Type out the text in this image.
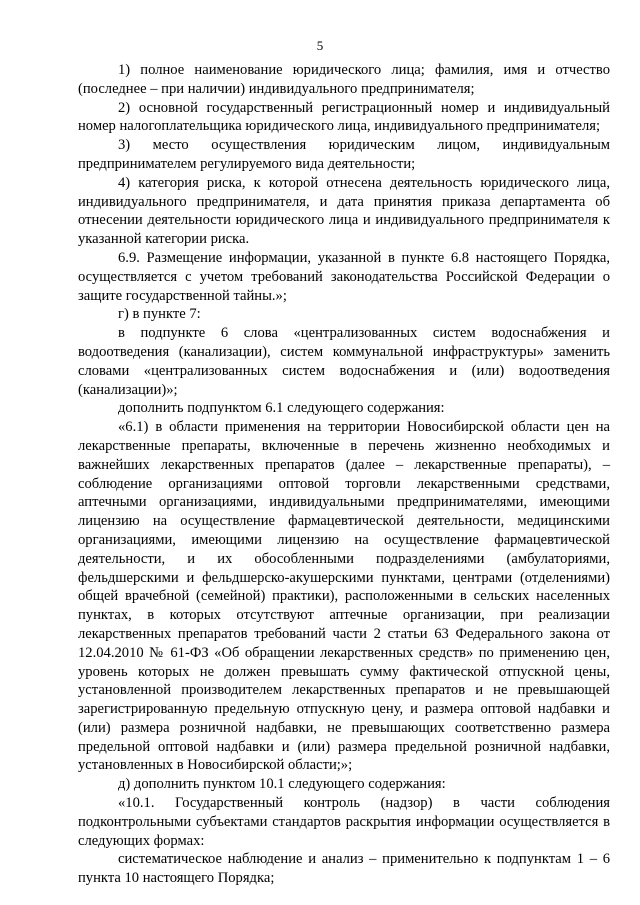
5

1) полное наименование юридического лица; фамилия, имя и отчество (последнее – при наличии) индивидуального предпринимателя;

2) основной государственный регистрационный номер и индивидуальный номер налогоплательщика юридического лица, индивидуального предпринимателя;

3) место осуществления юридическим лицом, индивидуальным предпринимателем регулируемого вида деятельности;

4) категория риска, к которой отнесена деятельность юридического лица, индивидуального предпринимателя, и дата принятия приказа департамента об отнесении деятельности юридического лица и индивидуального предпринимателя к указанной категории риска.

6.9. Размещение информации, указанной в пункте 6.8 настоящего Порядка, осуществляется с учетом требований законодательства Российской Федерации о защите государственной тайны.»;

г) в пункте 7:

в подпункте 6 слова «централизованных систем водоснабжения и водоотведения (канализации), систем коммунальной инфраструктуры» заменить словами «централизованных систем водоснабжения и (или) водоотведения (канализации)»;

дополнить подпунктом 6.1 следующего содержания:

«6.1) в области применения на территории Новосибирской области цен на лекарственные препараты, включенные в перечень жизненно необходимых и важнейших лекарственных препаратов (далее – лекарственные препараты), – соблюдение организациями оптовой торговли лекарственными средствами, аптечными организациями, индивидуальными предпринимателями, имеющими лицензию на осуществление фармацевтической деятельности, медицинскими организациями, имеющими лицензию на осуществление фармацевтической деятельности, и их обособленными подразделениями (амбулаториями, фельдшерскими и фельдшерско-акушерскими пунктами, центрами (отделениями) общей врачебной (семейной) практики), расположенными в сельских населенных пунктах, в которых отсутствуют аптечные организации, при реализации лекарственных препаратов требований части 2 статьи 63 Федерального закона от 12.04.2010 № 61-ФЗ «Об обращении лекарственных средств» по применению цен, уровень которых не должен превышать сумму фактической отпускной цены, установленной производителем лекарственных препаратов и не превышающей зарегистрированную предельную отпускную цену, и размера оптовой надбавки и (или) размера розничной надбавки, не превышающих соответственно размера предельной оптовой надбавки и (или) размера предельной розничной надбавки, установленных в Новосибирской области;»;

д) дополнить пунктом 10.1 следующего содержания:

«10.1. Государственный контроль (надзор) в части соблюдения подконтрольными субъектами стандартов раскрытия информации осуществляется в следующих формах:

систематическое наблюдение и анализ – применительно к подпунктам 1 – 6 пункта 10 настоящего Порядка;
